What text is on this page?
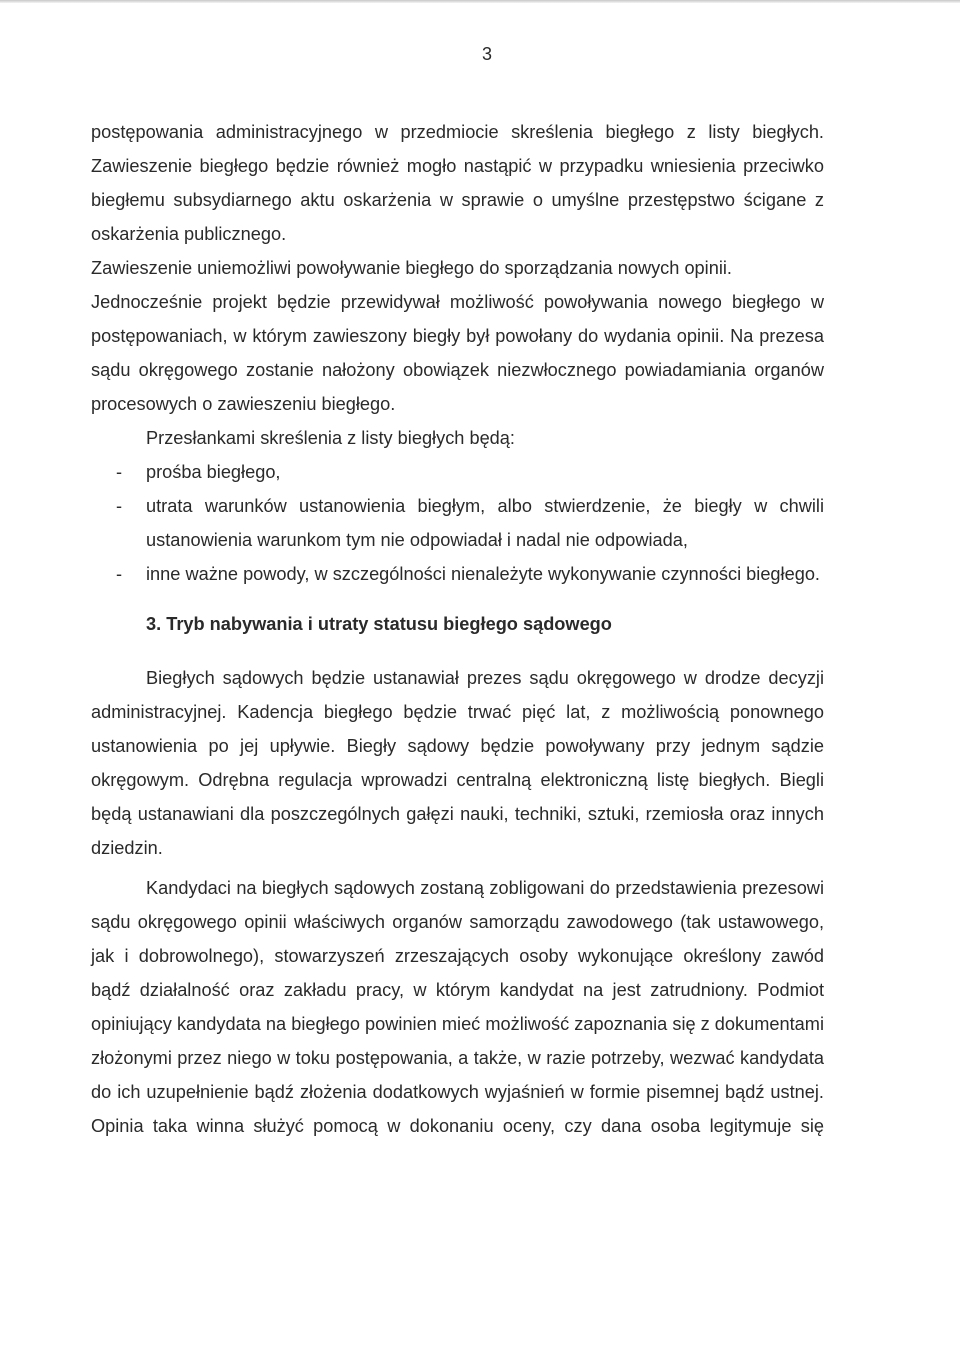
3

postępowania administracyjnego w przedmiocie skreślenia biegłego z listy biegłych. Zawieszenie biegłego będzie również mogło nastąpić w przypadku wniesienia przeciwko biegłemu subsydiarnego aktu oskarżenia w sprawie o umyślne przestępstwo ścigane z oskarżenia publicznego.

Zawieszenie uniemożliwi powoływanie biegłego do sporządzania nowych opinii.

Jednocześnie projekt będzie przewidywał możliwość powoływania nowego biegłego w postępowaniach, w którym zawieszony biegły był powołany do wydania opinii. Na prezesa sądu okręgowego zostanie nałożony obowiązek niezwłocznego powiadamiania organów procesowych o zawieszeniu biegłego.

Przesłankami skreślenia z listy biegłych będą:

- prośba biegłego,
- utrata warunków ustanowienia biegłym, albo stwierdzenie, że biegły w chwili ustanowienia warunkom tym nie odpowiadał i nadal nie odpowiada,
- inne ważne powody, w szczególności nienależyte wykonywanie czynności biegłego.
3. Tryb nabywania i utraty statusu biegłego sądowego

Biegłych sądowych będzie ustanawiał prezes sądu okręgowego w drodze decyzji administracyjnej. Kadencja biegłego będzie trwać pięć lat, z możliwością ponownego ustanowienia po jej upływie. Biegły sądowy będzie powoływany przy jednym sądzie okręgowym. Odrębna regulacja wprowadzi centralną elektroniczną listę biegłych. Biegli będą ustanawiani dla poszczególnych gałęzi nauki, techniki, sztuki, rzemiosła oraz innych dziedzin.

Kandydaci na biegłych sądowych zostaną zobligowani do przedstawienia prezesowi sądu okręgowego opinii właściwych organów samorządu zawodowego (tak ustawowego, jak i dobrowolnego), stowarzyszeń zrzeszających osoby wykonujące określony zawód bądź działalność oraz zakładu pracy, w którym kandydat na jest zatrudniony. Podmiot opiniujący kandydata na biegłego powinien mieć możliwość zapoznania się z dokumentami złożonymi przez niego w toku postępowania, a także, w razie potrzeby, wezwać kandydata do ich uzupełnienie bądź złożenia dodatkowych wyjaśnień w formie pisemnej bądź ustnej. Opinia taka winna służyć pomocą w dokonaniu oceny, czy dana osoba legitymuje się
